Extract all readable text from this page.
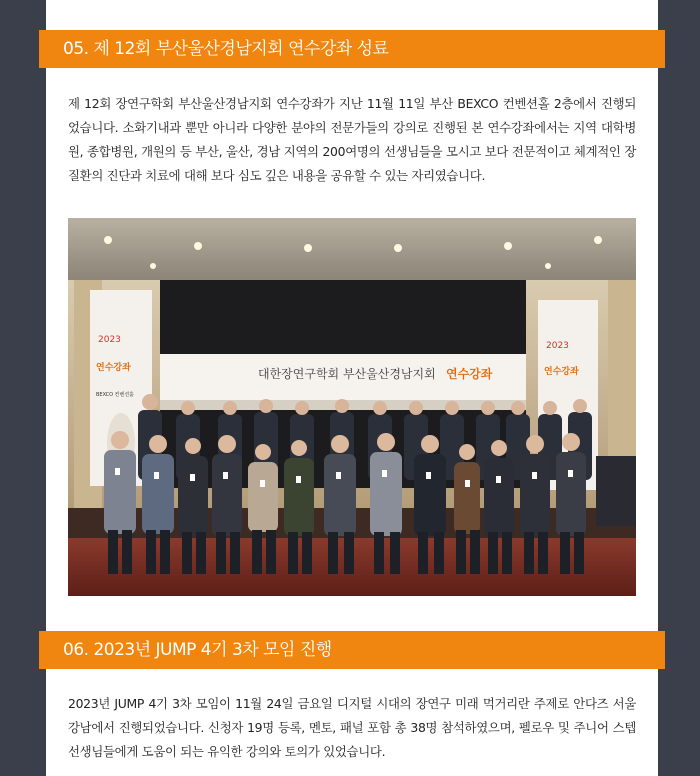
05. 제 12회 부산울산경남지회 연수강좌 성료
제 12회 장연구학회 부산울산경남지회 연수강좌가 지난 11월 11일 부산 BEXCO 컨벤션홀 2층에서 진행되었습니다. 소화기내과 뿐만 아니라 다양한 분야의 전문가들의 강의로 진행된 본 연수강좌에서는 지역 대학병원, 종합병원, 개원의 등 부산, 울산, 경남 지역의 200여명의 선생님들을 모시고 보다 전문적이고 체계적인 장질환의 진단과 치료에 대해 보다 심도 깊은 내용을 공유할 수 있는 자리였습니다.
2023
연수강좌
BEXCO 컨벤션홀
2023
연수강좌
대한장연구학회 부산울산경남지회 연수강좌
06. 2023년 JUMP 4기 3차 모임 진행
2023년 JUMP 4기 3차 모임이 11월 24일 금요일 디지털 시대의 장연구 미래 먹거리란 주제로 안다즈 서울 강남에서 진행되었습니다. 신청자 19명 등록, 멘토, 패널 포함 총 38명 참석하였으며, 펠로우 및 주니어 스텝 선생님들에게 도움이 되는 유익한 강의와 토의가 있었습니다.
